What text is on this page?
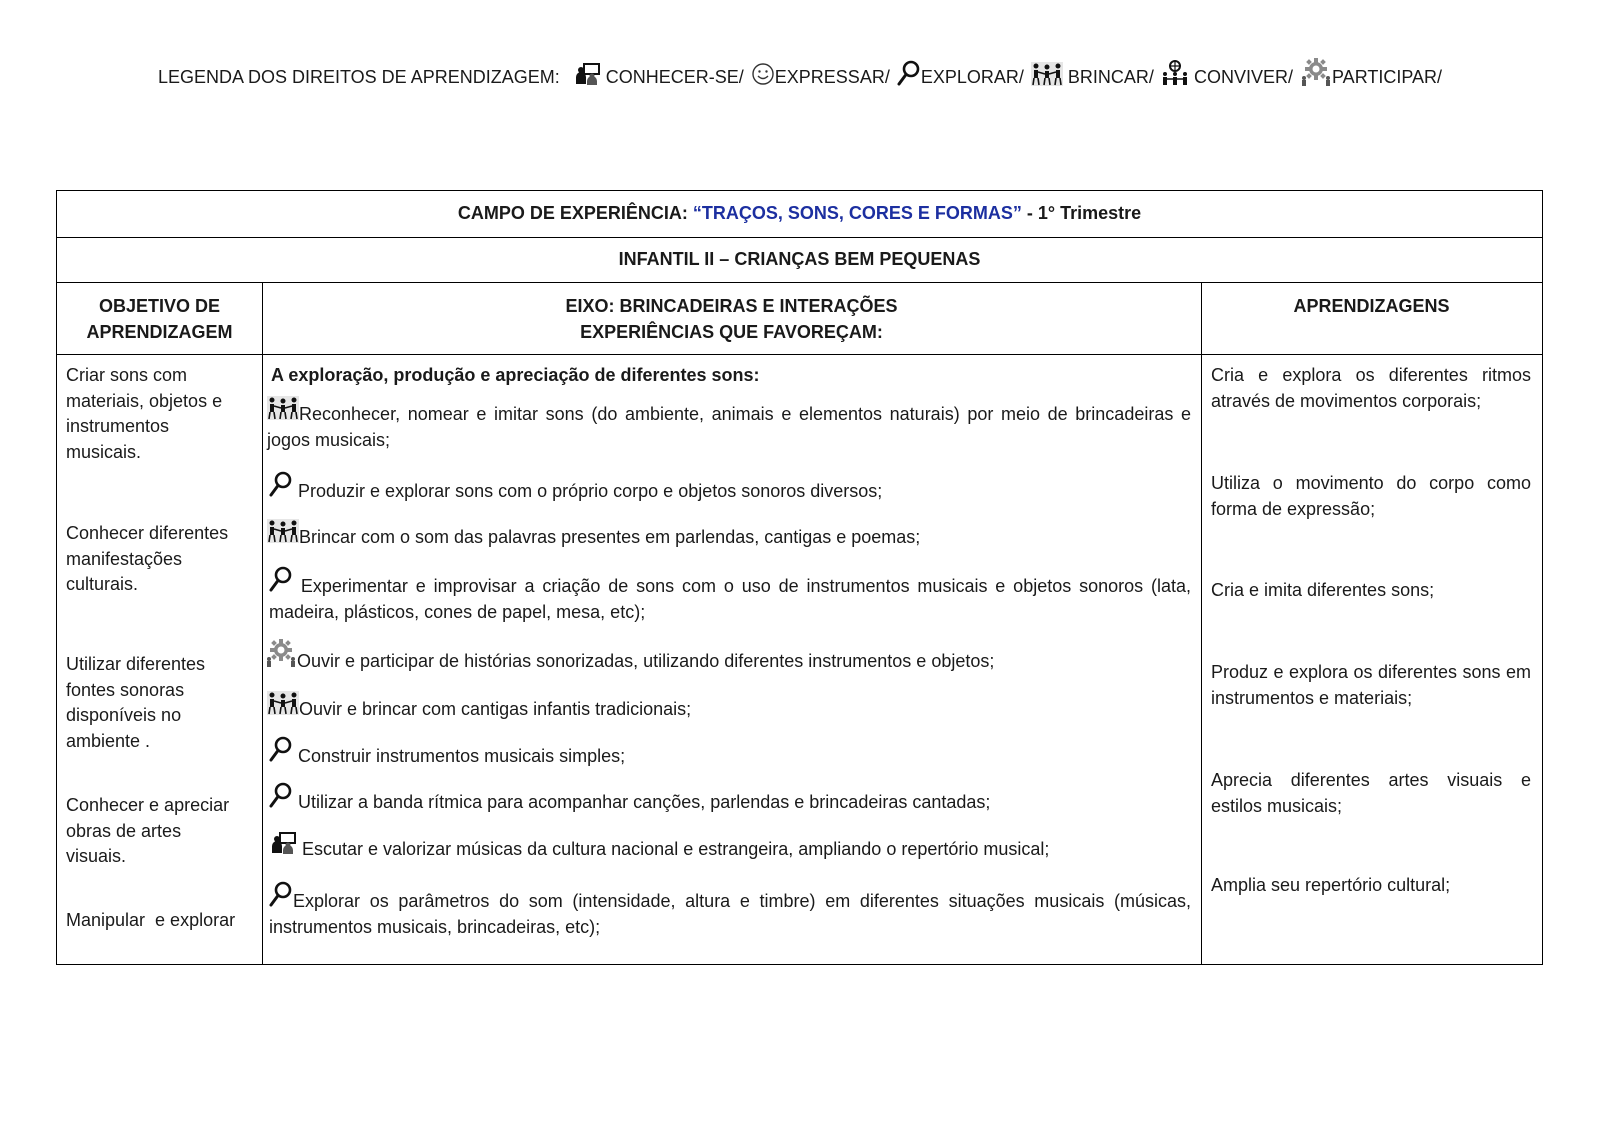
LEGENDA DOS DIREITOS DE APRENDIZAGEM:	CONHECER-SE/ EXPRESSAR/ EXPLORAR/ BRINCAR/ CONVIVER/ PARTICIPAR/
CAMPO DE EXPERIÊNCIA: “TRAÇOS, SONS, CORES E FORMAS” - 1° Trimestre
INFANTIL II – CRIANÇAS BEM PEQUENAS
OBJETIVO DE
APRENDIZAGEM
EIXO: BRINCADEIRAS E INTERAÇÕES
EXPERIÊNCIAS QUE FAVOREÇAM:
APRENDIZAGENS
Criar sons com materiais, objetos e instrumentos musicais.
Conhecer diferentes manifestações culturais.
Utilizar diferentes fontes sonoras disponíveis no ambiente .
Conhecer e apreciar obras de artes visuais.
Manipular  e explorar
A exploração, produção e apreciação de diferentes sons:
Reconhecer, nomear e imitar sons (do ambiente, animais e elementos naturais) por meio de brincadeiras e jogos musicais;
Produzir e explorar sons com o próprio corpo e objetos sonoros diversos;
Brincar com o som das palavras presentes em parlendas, cantigas e poemas;
Experimentar e improvisar a criação de sons com o uso de instrumentos musicais e objetos sonoros (lata, madeira, plásticos, cones de papel, mesa, etc);
Ouvir e participar de histórias sonorizadas, utilizando diferentes instrumentos e objetos;
Ouvir e brincar com cantigas infantis tradicionais;
Construir instrumentos musicais simples;
Utilizar a banda rítmica para acompanhar canções, parlendas e brincadeiras cantadas;
Escutar e valorizar músicas da cultura nacional e estrangeira, ampliando o repertório musical;
Explorar os parâmetros do som (intensidade, altura e timbre) em diferentes situações musicais (músicas, instrumentos musicais, brincadeiras, etc);
Cria e explora os diferentes ritmos através de movimentos corporais;
Utiliza o movimento do corpo como forma de expressão;
Cria e imita diferentes sons;
Produz e explora os diferentes sons em instrumentos e materiais;
Aprecia diferentes artes visuais e estilos musicais;
Amplia seu repertório cultural;
